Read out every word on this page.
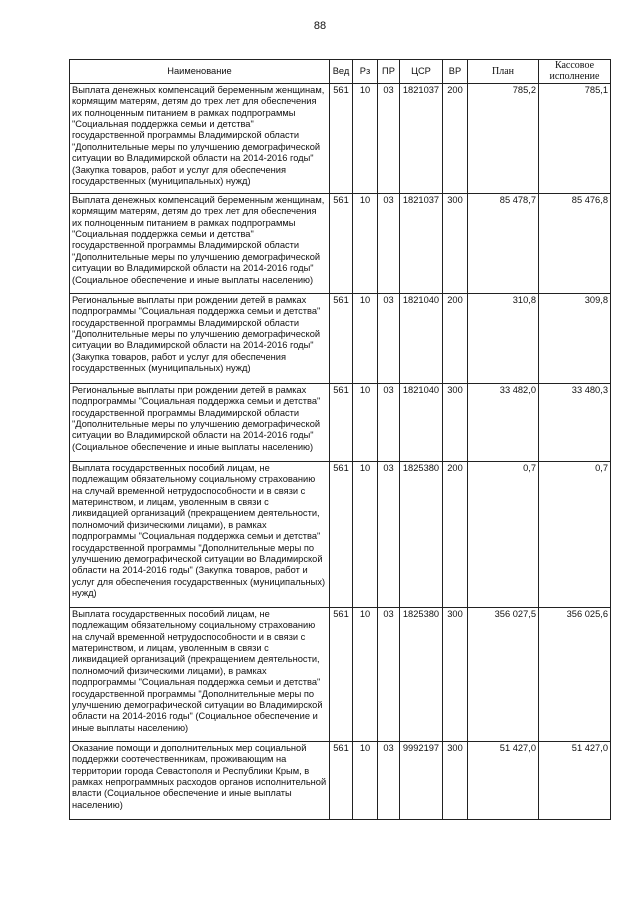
88
Наименование	Вед	Рз	ПР	ЦСР	ВР	План	Кассовое исполнение
Выплата денежных компенсаций беременным женщинам, кормящим матерям, детям до трех лет для обеспечения их полноценным питанием в рамках подпрограммы "Социальная поддержка семьи и детства" государственной программы Владимирской области "Дополнительные меры по улучшению демографической ситуации во Владимирской области на 2014-2016 годы" (Закупка товаров, работ и услуг для обеспечения государственных (муниципальных) нужд)	561	10	03	1821037	200	785,2	785,1
Выплата денежных компенсаций беременным женщинам, кормящим матерям, детям до трех лет для обеспечения их полноценным питанием в рамках подпрограммы "Социальная поддержка семьи и детства" государственной программы Владимирской области "Дополнительные меры по улучшению демографической ситуации во Владимирской области на 2014-2016 годы" (Социальное обеспечение и иные выплаты населению)	561	10	03	1821037	300	85 478,7	85 476,8
Региональные выплаты при рождении детей в рамках подпрограммы "Социальная поддержка семьи и детства" государственной программы Владимирской области "Дополнительные меры по улучшению демографической ситуации во Владимирской области на 2014-2016 годы" (Закупка товаров, работ и услуг для обеспечения государственных (муниципальных) нужд)	561	10	03	1821040	200	310,8	309,8
Региональные выплаты при рождении детей в рамках подпрограммы "Социальная поддержка семьи и детства" государственной программы Владимирской области "Дополнительные меры по улучшению демографической ситуации во Владимирской области на 2014-2016 годы" (Социальное обеспечение и иные выплаты населению)	561	10	03	1821040	300	33 482,0	33 480,3
Выплата государственных пособий лицам, не подлежащим обязательному социальному страхованию на случай временной нетрудоспособности и в связи с материнством, и лицам, уволенным в связи с ликвидацией организаций (прекращением деятельности, полномочий физическими лицами), в рамках подпрограммы "Социальная поддержка семьи и детства" государственной программы "Дополнительные меры по улучшению демографической ситуации во Владимирской области на 2014-2016 годы" (Закупка товаров, работ и услуг для обеспечения государственных (муниципальных) нужд)	561	10	03	1825380	200	0,7	0,7
Выплата государственных пособий лицам, не подлежащим обязательному социальному страхованию на случай временной нетрудоспособности и в связи с материнством, и лицам, уволенным в связи с ликвидацией организаций (прекращением деятельности, полномочий физическими лицами), в рамках подпрограммы "Социальная поддержка семьи и детства" государственной программы "Дополнительные меры по улучшению демографической ситуации во Владимирской области на 2014-2016 годы" (Социальное обеспечение и иные выплаты населению)	561	10	03	1825380	300	356 027,5	356 025,6
Оказание помощи и дополнительных мер социальной поддержки соотечественникам, проживающим на территории города Севастополя и Республики Крым, в рамках непрограммных расходов органов исполнительной власти (Социальное обеспечение и иные выплаты населению)	561	10	03	9992197	300	51 427,0	51 427,0
